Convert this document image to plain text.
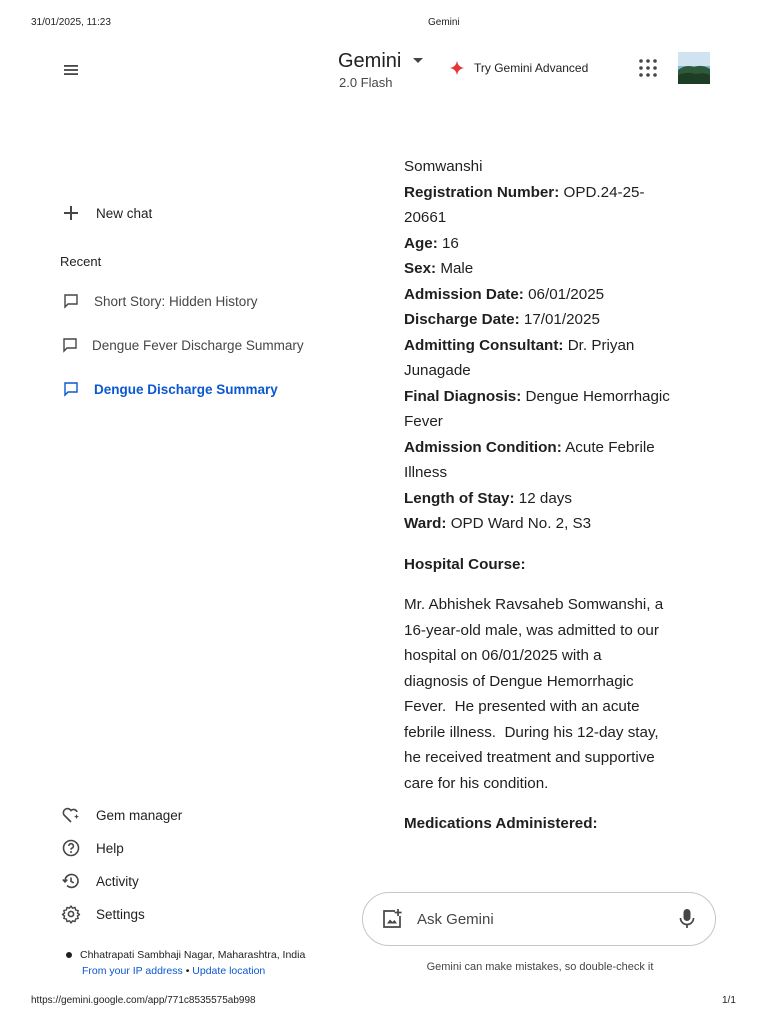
31/01/2025, 11:23	Gemini
https://gemini.google.com/app/771c8535575ab998	1/1
Gemini
2.0 Flash
Try Gemini Advanced
New chat
Recent
Short Story: Hidden History
Dengue Fever Discharge Summary
Dengue Discharge Summary
Gem manager
Help
Activity
Settings
Chhatrapati Sambhaji Nagar, Maharashtra, India
From your IP address • Update location
Somwanshi
Registration Number: OPD.24-25-
20661
Age: 16
Sex: Male
Admission Date: 06/01/2025
Discharge Date: 17/01/2025
Admitting Consultant: Dr. Priyan
Junagade
Final Diagnosis: Dengue Hemorrhagic
Fever
Admission Condition: Acute Febrile
Illness
Length of Stay: 12 days
Ward: OPD Ward No. 2, S3
Hospital Course:
Mr. Abhishek Ravsaheb Somwanshi, a
16-year-old male, was admitted to our
hospital on 06/01/2025 with a
diagnosis of Dengue Hemorrhagic
Fever.  He presented with an acute
febrile illness.  During his 12-day stay,
he received treatment and supportive
care for his condition.
Medications Administered:
Ask Gemini
Gemini can make mistakes, so double-check it
